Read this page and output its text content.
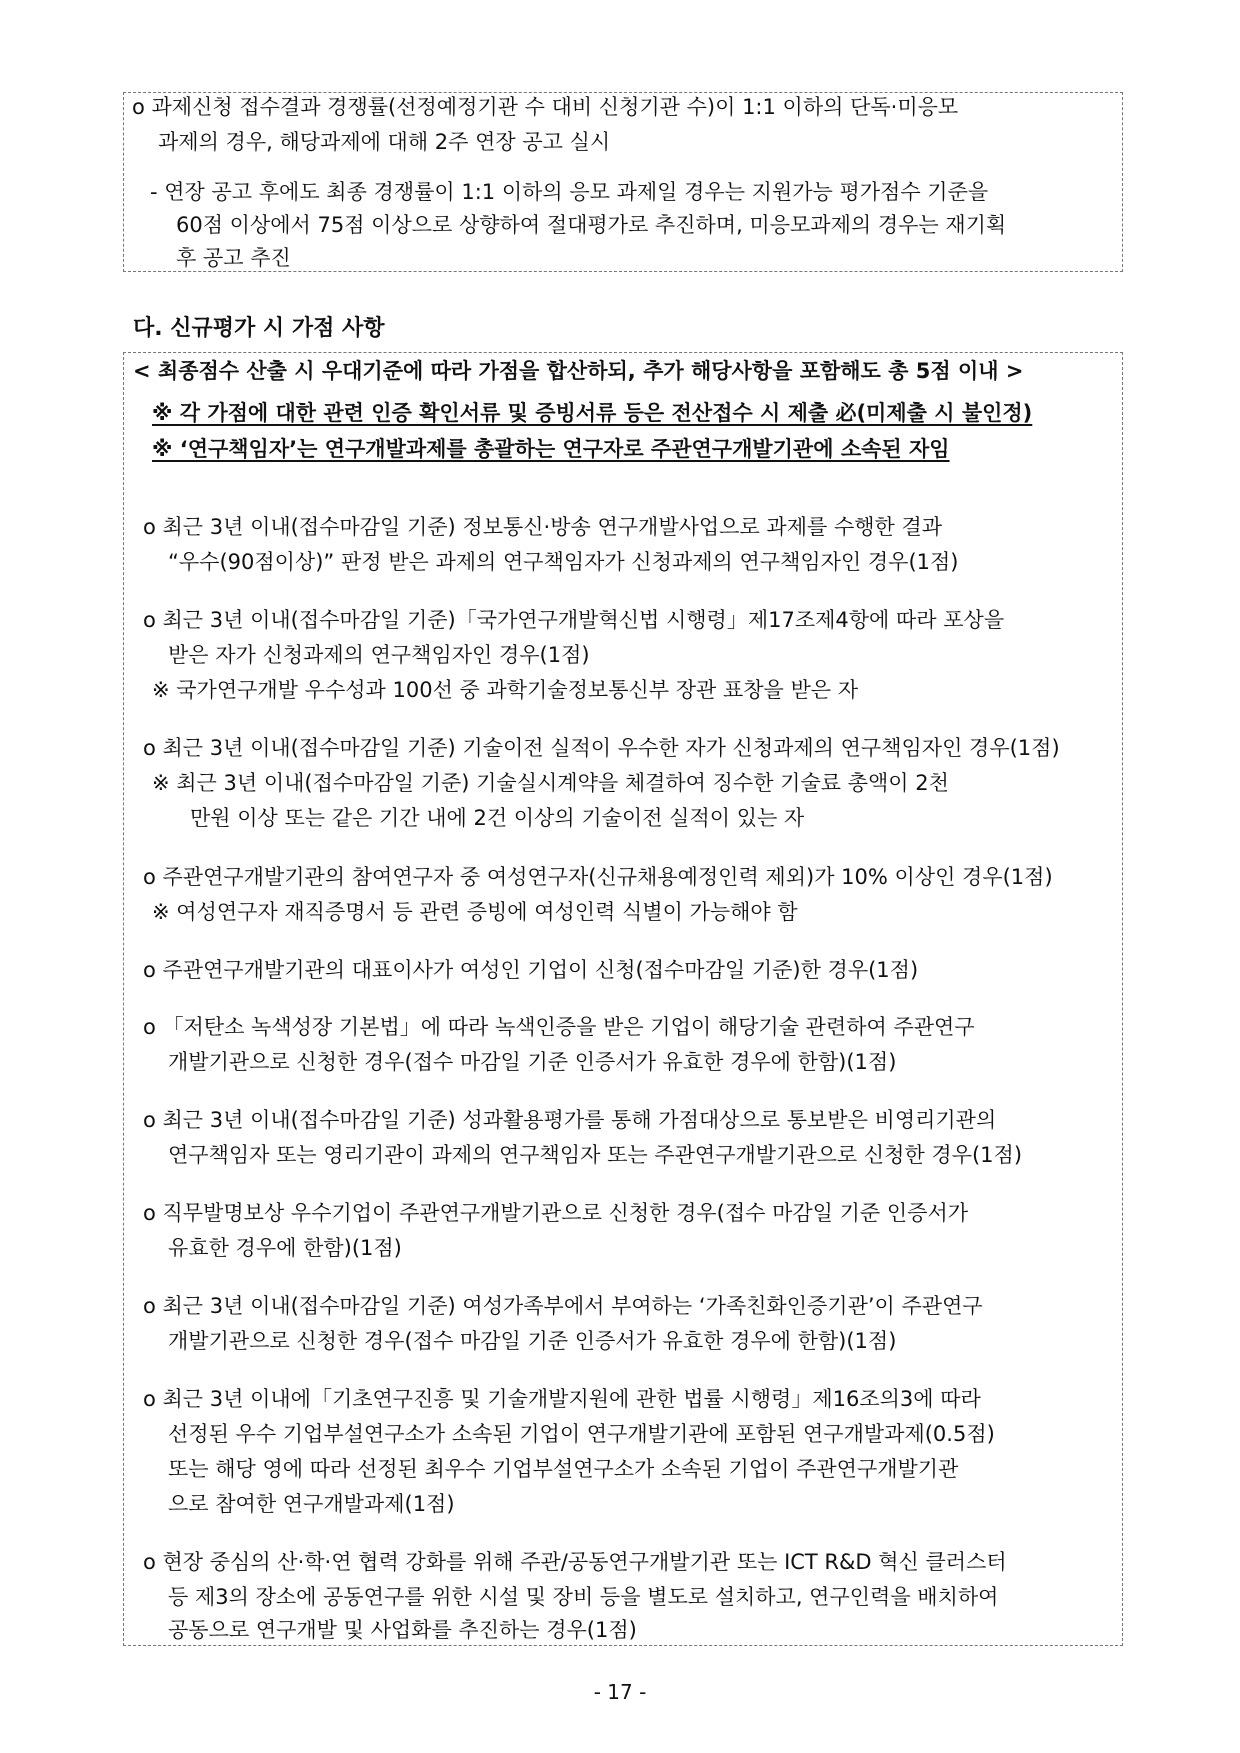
o 과제신청 접수결과 경쟁률(선정예정기관 수 대비 신청기관 수)이 1:1 이하의 단독·미응모
과제의 경우, 해당과제에 대해 2주 연장 공고 실시
- 연장 공고 후에도 최종 경쟁률이 1:1 이하의 응모 과제일 경우는 지원가능 평가점수 기준을
60점 이상에서 75점 이상으로 상향하여 절대평가로 추진하며, 미응모과제의 경우는 재기획
후 공고 추진
다. 신규평가 시 가점 사항
< 최종점수 산출 시 우대기준에 따라 가점을 합산하되, 추가 해당사항을 포함해도 총 5점 이내 >
※ 각 가점에 대한 관련 인증 확인서류 및 증빙서류 등은 전산접수 시 제출 必(미제출 시 불인정)
※ ‘연구책임자’는 연구개발과제를 총괄하는 연구자로 주관연구개발기관에 소속된 자임
o 최근 3년 이내(접수마감일 기준) 정보통신·방송 연구개발사업으로 과제를 수행한 결과
“우수(90점이상)” 판정 받은 과제의 연구책임자가 신청과제의 연구책임자인 경우(1점)
o 최근 3년 이내(접수마감일 기준)「국가연구개발혁신법 시행령」제17조제4항에 따라 포상을
받은 자가 신청과제의 연구책임자인 경우(1점)
※ 국가연구개발 우수성과 100선 중 과학기술정보통신부 장관 표창을 받은 자
o 최근 3년 이내(접수마감일 기준) 기술이전 실적이 우수한 자가 신청과제의 연구책임자인 경우(1점)
※ 최근 3년 이내(접수마감일 기준) 기술실시계약을 체결하여 징수한 기술료 총액이 2천
만원 이상 또는 같은 기간 내에 2건 이상의 기술이전 실적이 있는 자
o 주관연구개발기관의 참여연구자 중 여성연구자(신규채용예정인력 제외)가 10% 이상인 경우(1점)
※ 여성연구자 재직증명서 등 관련 증빙에 여성인력 식별이 가능해야 함
o 주관연구개발기관의 대표이사가 여성인 기업이 신청(접수마감일 기준)한 경우(1점)
o 「저탄소 녹색성장 기본법」에 따라 녹색인증을 받은 기업이 해당기술 관련하여 주관연구
개발기관으로 신청한 경우(접수 마감일 기준 인증서가 유효한 경우에 한함)(1점)
o 최근 3년 이내(접수마감일 기준) 성과활용평가를 통해 가점대상으로 통보받은 비영리기관의
연구책임자 또는 영리기관이 과제의 연구책임자 또는 주관연구개발기관으로 신청한 경우(1점)
o 직무발명보상 우수기업이 주관연구개발기관으로 신청한 경우(접수 마감일 기준 인증서가
유효한 경우에 한함)(1점)
o 최근 3년 이내(접수마감일 기준) 여성가족부에서 부여하는 ‘가족친화인증기관’이 주관연구
개발기관으로 신청한 경우(접수 마감일 기준 인증서가 유효한 경우에 한함)(1점)
o 최근 3년 이내에「기초연구진흥 및 기술개발지원에 관한 법률 시행령」제16조의3에 따라
선정된 우수 기업부설연구소가 소속된 기업이 연구개발기관에 포함된 연구개발과제(0.5점)
또는 해당 영에 따라 선정된 최우수 기업부설연구소가 소속된 기업이 주관연구개발기관
으로 참여한 연구개발과제(1점)
o 현장 중심의 산·학·연 협력 강화를 위해 주관/공동연구개발기관 또는 ICT R&D 혁신 클러스터
등 제3의 장소에 공동연구를 위한 시설 및 장비 등을 별도로 설치하고, 연구인력을 배치하여
공동으로 연구개발 및 사업화를 추진하는 경우(1점)
- 17 -
